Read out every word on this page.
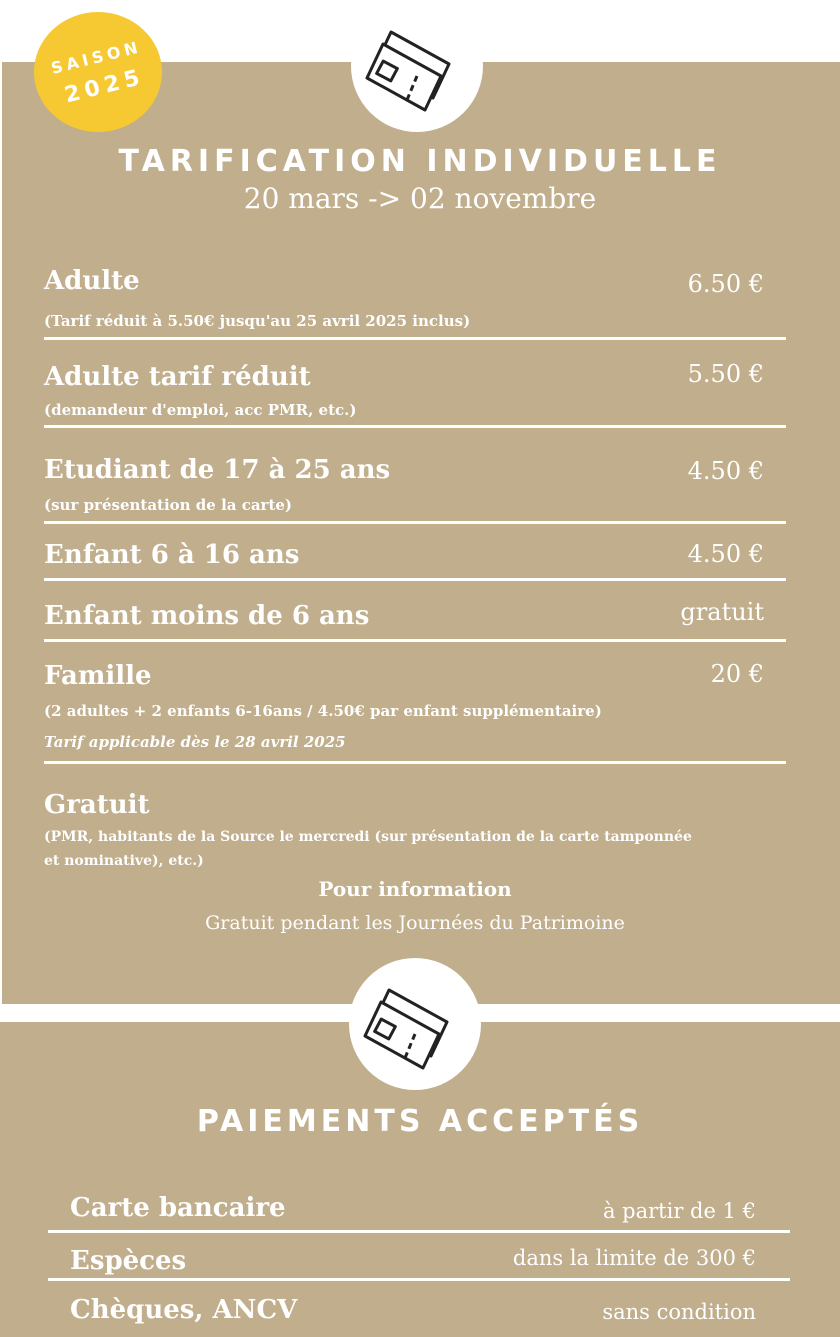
SAISON
2025
TARIFICATION INDIVIDUELLE
20 mars -> 02 novembre
Adulte	6.50 €
(Tarif réduit à 5.50€ jusqu'au 25 avril 2025 inclus)
Adulte tarif réduit	5.50 €
(demandeur d'emploi, acc PMR, etc.)
Etudiant de 17 à 25 ans	4.50 €
(sur présentation de la carte)
Enfant 6 à 16 ans	4.50 €
Enfant moins de 6 ans	gratuit
Famille	20 €
(2 adultes + 2 enfants 6-16ans / 4.50€ par enfant supplémentaire)
Tarif applicable dès le 28 avril 2025
Gratuit
(PMR, habitants de la Source le mercredi (sur présentation de la carte tamponnée
et nominative), etc.)
Pour information
Gratuit pendant les Journées du Patrimoine
PAIEMENTS ACCEPTÉS
Carte bancaire	à partir de 1 €
Espèces	dans la limite de 300 €
Chèques, ANCV	sans condition
